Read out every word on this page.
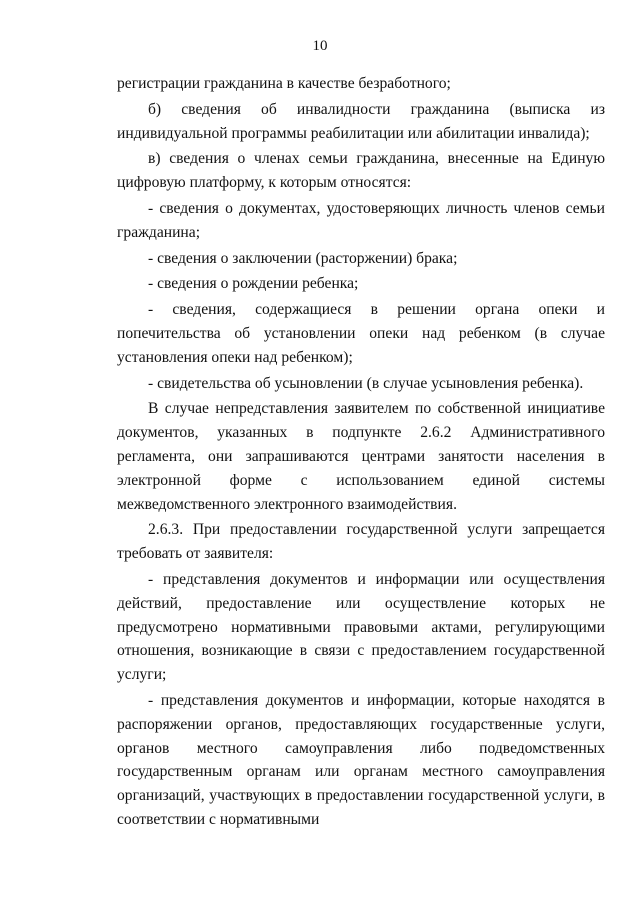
10

регистрации гражданина в качестве безработного;

б) сведения об инвалидности гражданина (выписка из индивидуальной программы реабилитации или абилитации инвалида);

в) сведения о членах семьи гражданина, внесенные на Единую цифровую платформу, к которым относятся:

- сведения о документах, удостоверяющих личность членов семьи гражданина;

- сведения о заключении (расторжении) брака;

- сведения о рождении ребенка;

- сведения, содержащиеся в решении органа опеки и попечительства об установлении опеки над ребенком (в случае установления опеки над ребенком);

- свидетельства об усыновлении (в случае усыновления ребенка).

В случае непредставления заявителем по собственной инициативе документов, указанных в подпункте 2.6.2 Административного регламента, они запрашиваются центрами занятости населения в электронной форме с использованием единой системы межведомственного электронного взаимодействия.

2.6.3. При предоставлении государственной услуги запрещается требовать от заявителя:

- представления документов и информации или осуществления действий, предоставление или осуществление которых не предусмотрено нормативными правовыми актами, регулирующими отношения, возникающие в связи с предоставлением государственной услуги;

- представления документов и информации, которые находятся в распоряжении органов, предоставляющих государственные услуги, органов местного самоуправления либо подведомственных государственным органам или органам местного самоуправления организаций, участвующих в предоставлении государственной услуги, в соответствии с нормативными
